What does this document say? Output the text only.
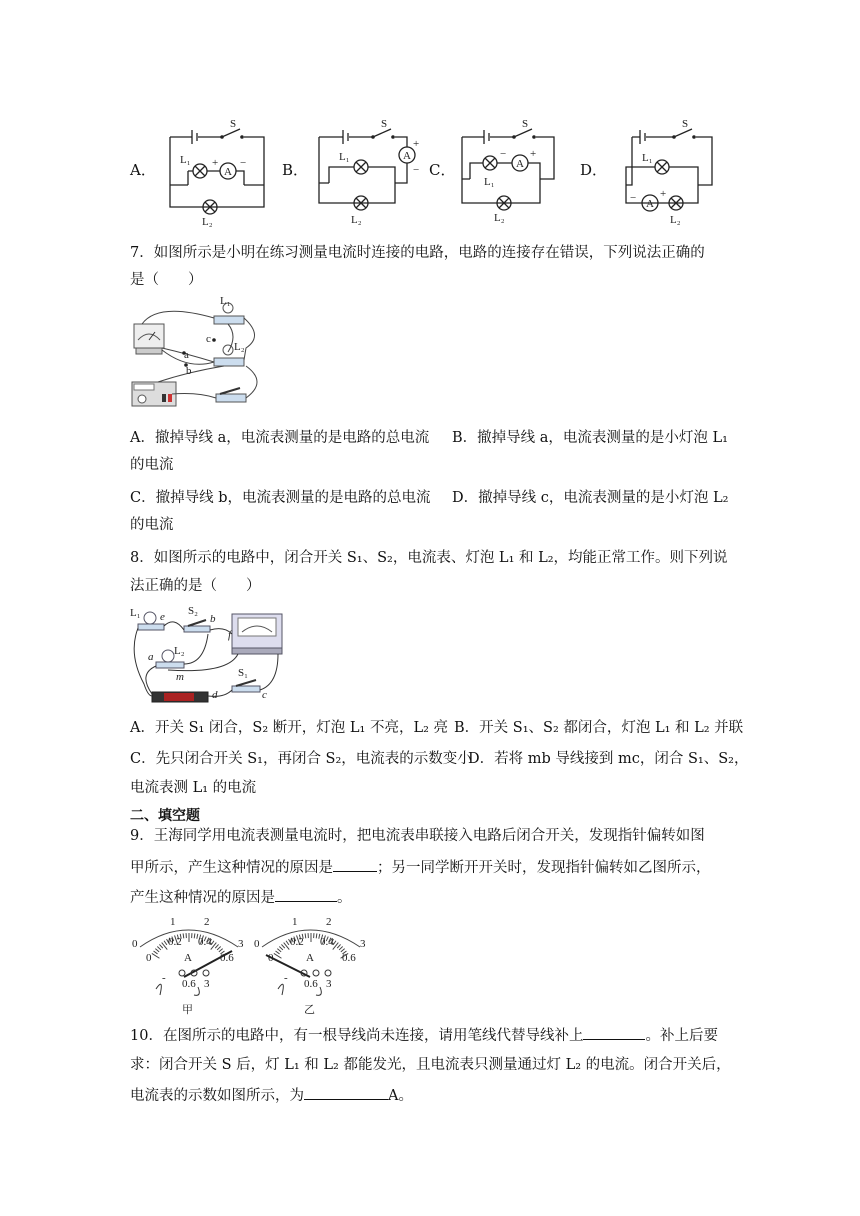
A．	B．	C．	D．
S
L₁
A
+ −
L₂
S
L₁	A
+
−
L₂
S
A
− +
L₁
L₂
S
L₁
− A
+
L₂
7．如图所示是小明在练习测量电流时连接的电路，电路的连接存在错误，下列说法正确的
是（　　）
L₁
L₂
a
b
c
A．撤掉导线 a，电流表测量的是电路的总电流 B．撤掉导线 a，电流表测量的是小灯泡 L₁
的电流
C．撤掉导线 b，电流表测量的是电路的总电流 D．撤掉导线 c，电流表测量的是小灯泡 L₂
的电流
8．如图所示的电路中，闭合开关 S₁、S₂，电流表、灯泡 L₁ 和 L₂，均能正常工作。则下列说
法正确的是（　　）
L₁	S₂
e	b
f
a L₂
m	S₁
d	c
A．开关 S₁ 闭合，S₂ 断开，灯泡 L₁ 不亮，L₂ 亮 B．开关 S₁、S₂ 都闭合，灯泡 L₁ 和 L₂ 并联
C．先只闭合开关 S₁，再闭合 S₂，电流表的示数变小
D．若将 mb 导线接到 mc，闭合 S₁、S₂，
电流表测 L₁ 的电流
二、填空题
9．王海同学用电流表测量电流时，把电流表串联接入电路后闭合开关，发现指针偏转如图
甲所示，产生这种情况的原因是	；另一同学断开开关时，发现指针偏转如乙图所示，
产生这种情况的原因是	。
0
1	2
3
0
0.2 0.4
0.6
A
- 0.6 3
甲
0
1	2
3
0
0.2 0.4
0.6
A
- 0.6 3
乙
10．在图所示的电路中，有一根导线尚未连接，请用笔线代替导线补上	。补上后要
求：闭合开关 S 后，灯 L₁ 和 L₂ 都能发光，且电流表只测量通过灯 L₂ 的电流。闭合开关后，
电流表的示数如图所示，为	A。
